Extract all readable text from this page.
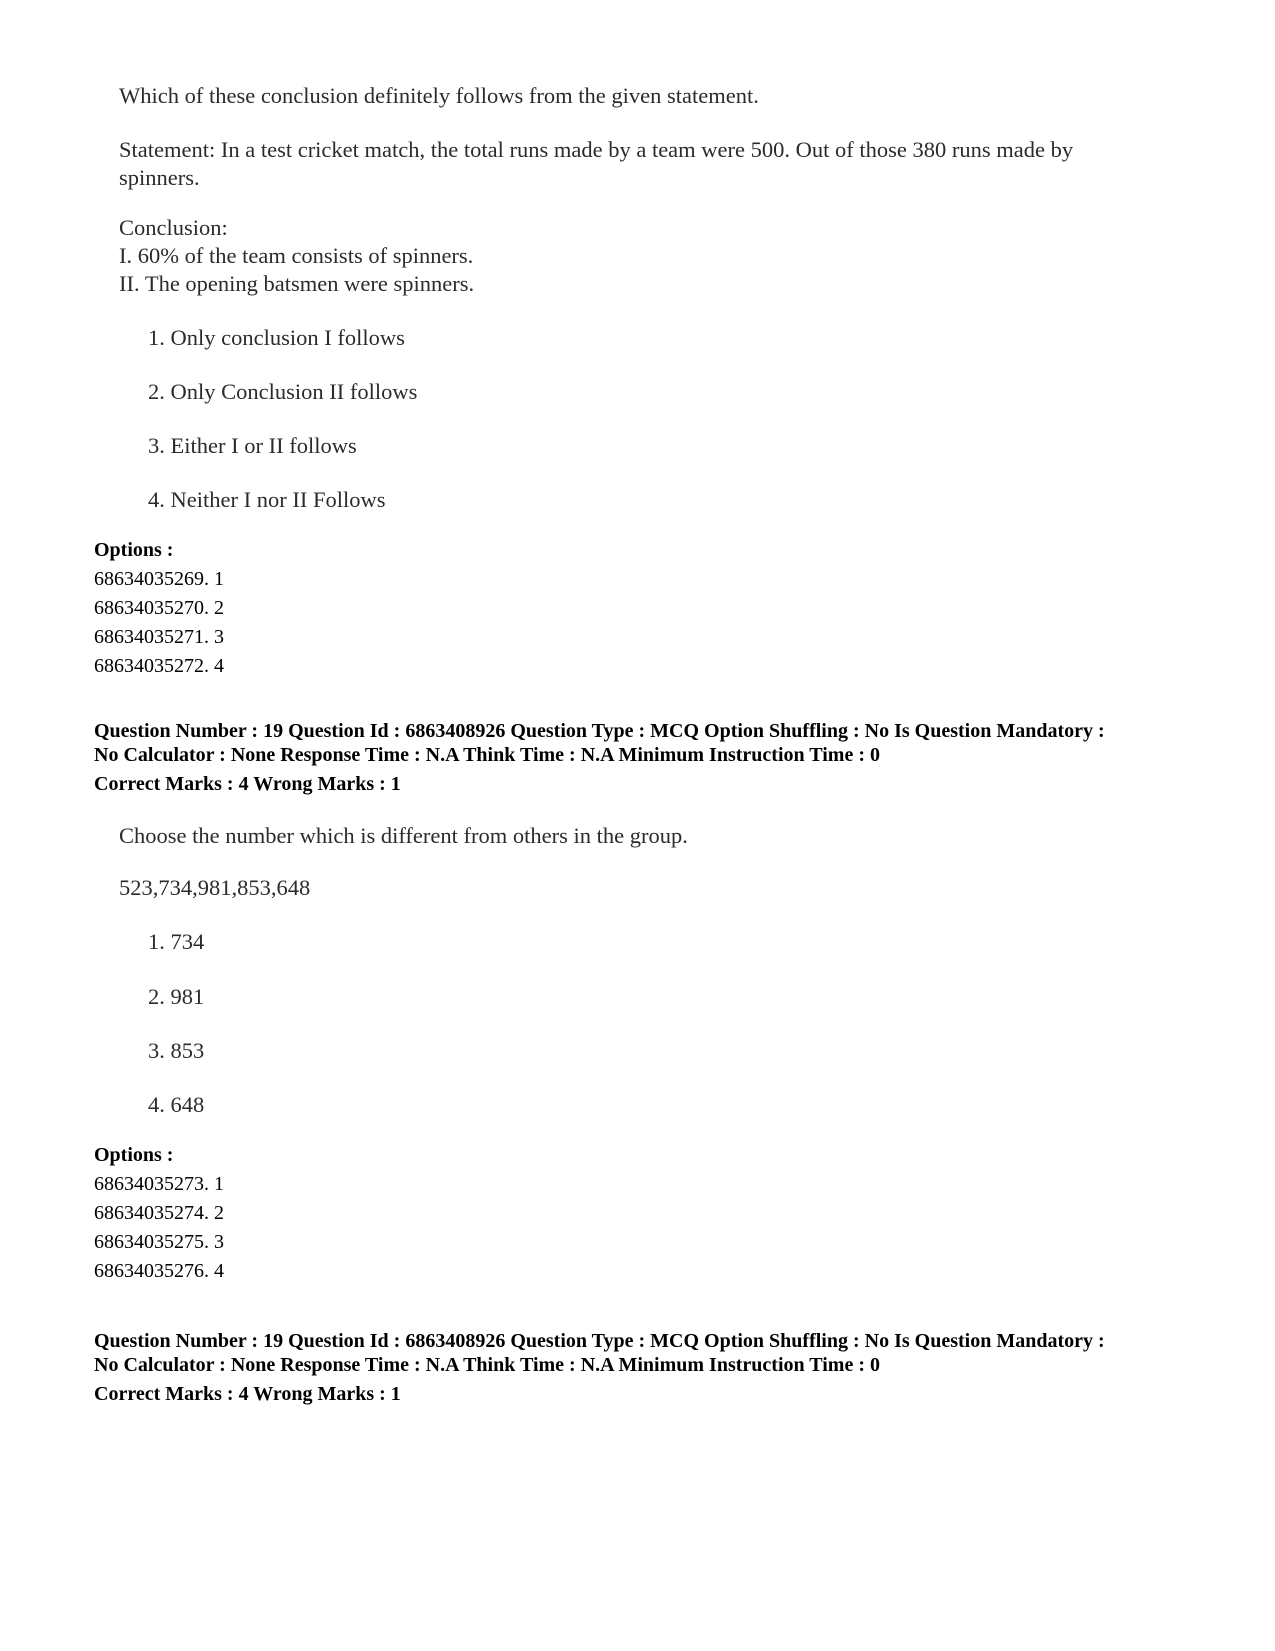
Which of these conclusion definitely follows from the given statement.
Statement: In a test cricket match, the total runs made by a team were 500. Out of those 380 runs made by spinners.
Conclusion:
I. 60% of the team consists of spinners.
II. The opening batsmen were spinners.
1. Only conclusion I follows
2. Only Conclusion II follows
3. Either I or II follows
4. Neither I nor II Follows
Options :
68634035269. 1
68634035270. 2
68634035271. 3
68634035272. 4
Question Number : 19 Question Id : 6863408926 Question Type : MCQ Option Shuffling : No Is Question Mandatory :
No Calculator : None Response Time : N.A Think Time : N.A Minimum Instruction Time : 0
Correct Marks : 4 Wrong Marks : 1
Choose the number which is different from others in the group.
523,734,981,853,648
1. 734
2. 981
3. 853
4. 648
Options :
68634035273. 1
68634035274. 2
68634035275. 3
68634035276. 4
Question Number : 19 Question Id : 6863408926 Question Type : MCQ Option Shuffling : No Is Question Mandatory :
No Calculator : None Response Time : N.A Think Time : N.A Minimum Instruction Time : 0
Correct Marks : 4 Wrong Marks : 1
